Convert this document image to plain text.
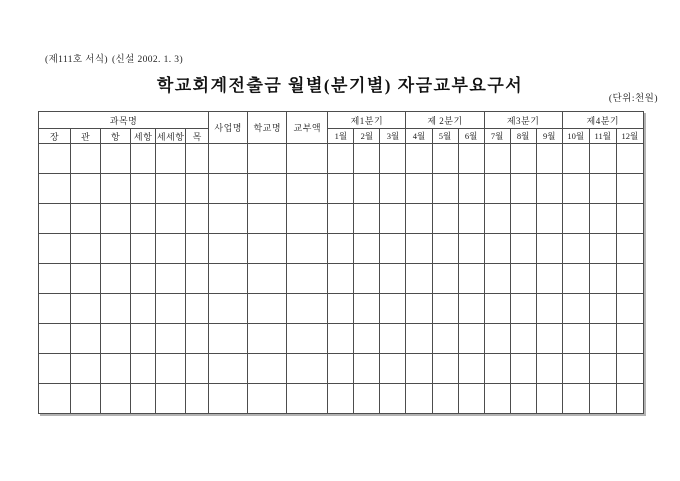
(제111호 서식) (신설 2002. 1. 3)
학교회계전출금 월별(분기별) 자금교부요구서
(단위:천원)
과목명						사업명	학교명	교부액	제1분기			제 2분기			제3분기			제4분기		
장	관	항	세항	세세항	목				1월	2월	3월	4월	5월	6월	7월	8월	9월	10월	11월	12월
